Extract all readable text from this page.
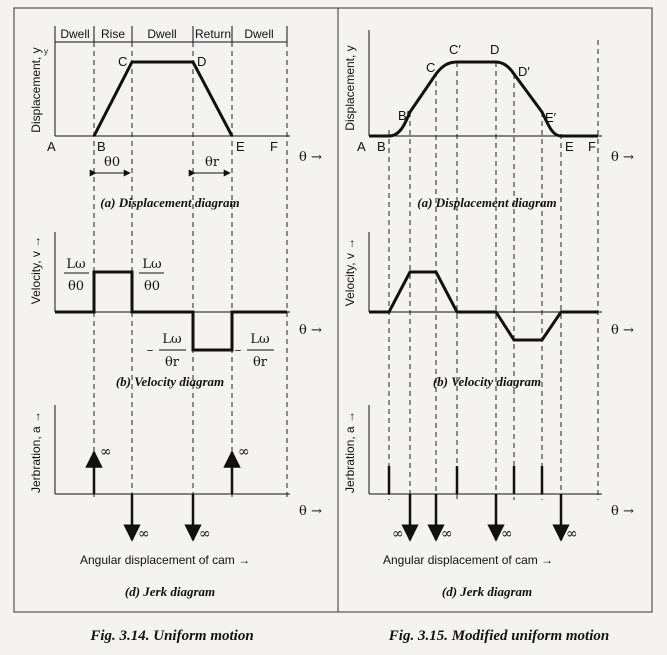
Dwell Rise Dwell Return Dwell
Displacement, y y
A	B
C	D
E F
θ →
θ0	θr
(a) Displacement diagram
Velocity, v → Lω
θ0
Lω
θ0
–
Lω
θr
–
Lω
θr
θ →
(b) Velocity diagram
Jerbration, a →	∞	∞
∞	∞
θ →
Angular displacement of cam →
(d) Jerk diagram
Displacement, y
A B
B′
C
C′ D
D′
E′
E F
θ →
(a) Displacement diagram
Velocity, v →
θ →
(b) Velocity diagram
Jerbration, a →
∞	∞	∞	∞
θ →
Angular displacement of cam →
(d) Jerk diagram
Fig. 3.14. Uniform motion	Fig. 3.15. Modified uniform motion
